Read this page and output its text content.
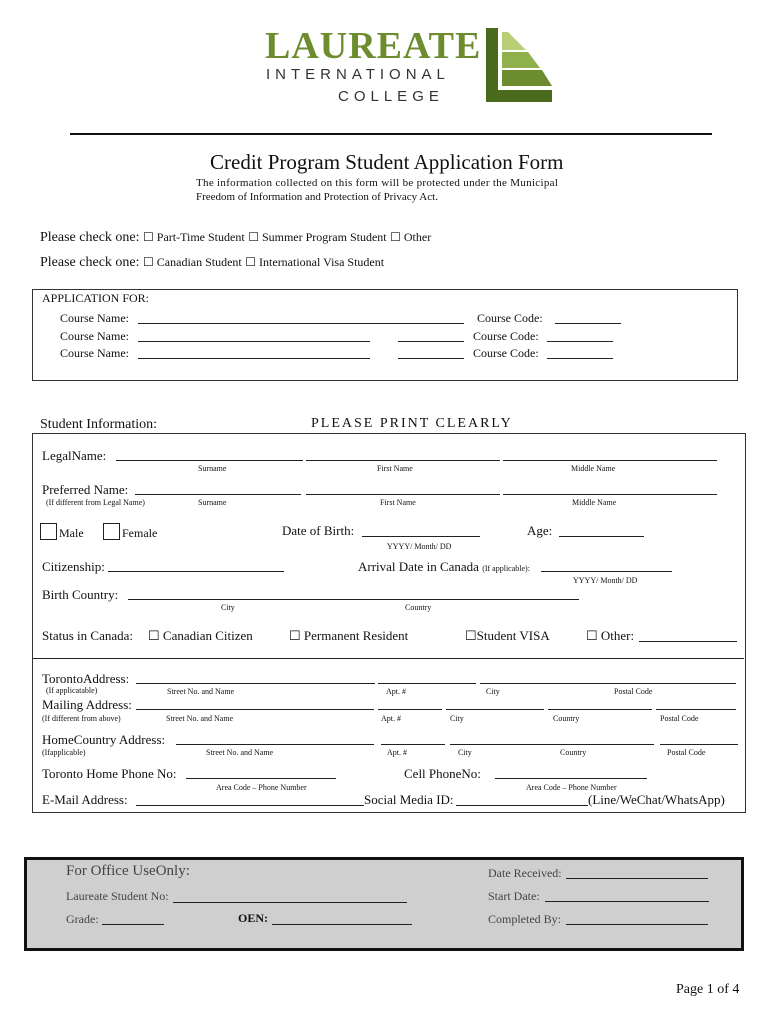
LAUREATE
INTERNATIONAL
COLLEGE
Credit Program Student Application Form
The information collected on this form will be protected under the Municipal
Freedom of Information and Protection of Privacy Act.
Please check one: ☐ Part-Time Student ☐ Summer Program Student ☐ Other
Please check one: ☐ Canadian Student ☐ International Visa Student
APPLICATION FOR:
Course Name:	Course Code:
Course Name:	Course Code:
Course Name:	Course Code:
Student Information:	PLEASE PRINT CLEARLY
LegalName:
Surname	First Name	Middle Name
Preferred Name:
(If different from Legal Name)	Surname	First Name	Middle Name
Male	Female	Date of Birth:
YYYY/ Month/ DD
Age:
Citizenship:	Arrival Date in Canada (If applicable):
YYYY/ Month/ DD
Birth Country:
City	Country
Status in Canada: ☐ Canadian Citizen	☐ Permanent Resident	☐Student VISA	☐ Other:
TorontoAddress:
(If applicatable)	Street No. and Name	Apt. #	City	Postal Code
Mailing Address:
(If different from above)	Street No. and Name	Apt. #	City	Country	Postal Code
HomeCountry Address:
(Ifapplicable)	Street No. and Name	Apt. #	City	Country	Postal Code
Toronto Home Phone No:
Area Code – Phone Number
Cell PhoneNo:
Area Code – Phone Number
E-Mail Address:	Social Media ID:	(Line/WeChat/WhatsApp)
For Office UseOnly:
Laureate Student No:
Grade:	OEN:
Date Received:
Start Date:
Completed By:
Page 1 of 4
